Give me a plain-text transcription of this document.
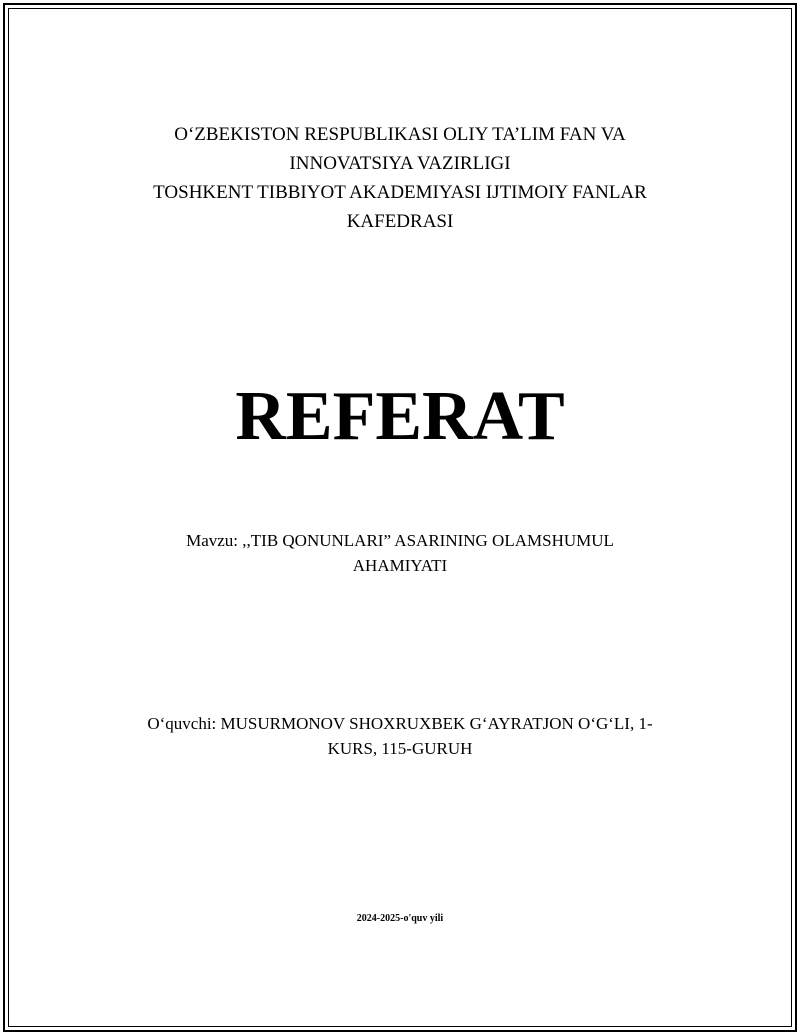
O‘ZBEKISTON RESPUBLIKASI OLIY TA’LIM FAN VA
INNOVATSIYA VAZIRLIGI
TOSHKENT TIBBIYOT AKADEMIYASI IJTIMOIY FANLAR
KAFEDRASI
REFERAT
Mavzu: ,,TIB QONUNLARI” ASARINING OLAMSHUMUL
AHAMIYATI
O‘quvchi: MUSURMONOV SHOXRUXBEK G‘AYRATJON O‘G‘LI, 1-
KURS, 115-GURUH
2024-2025-o'quv yili
